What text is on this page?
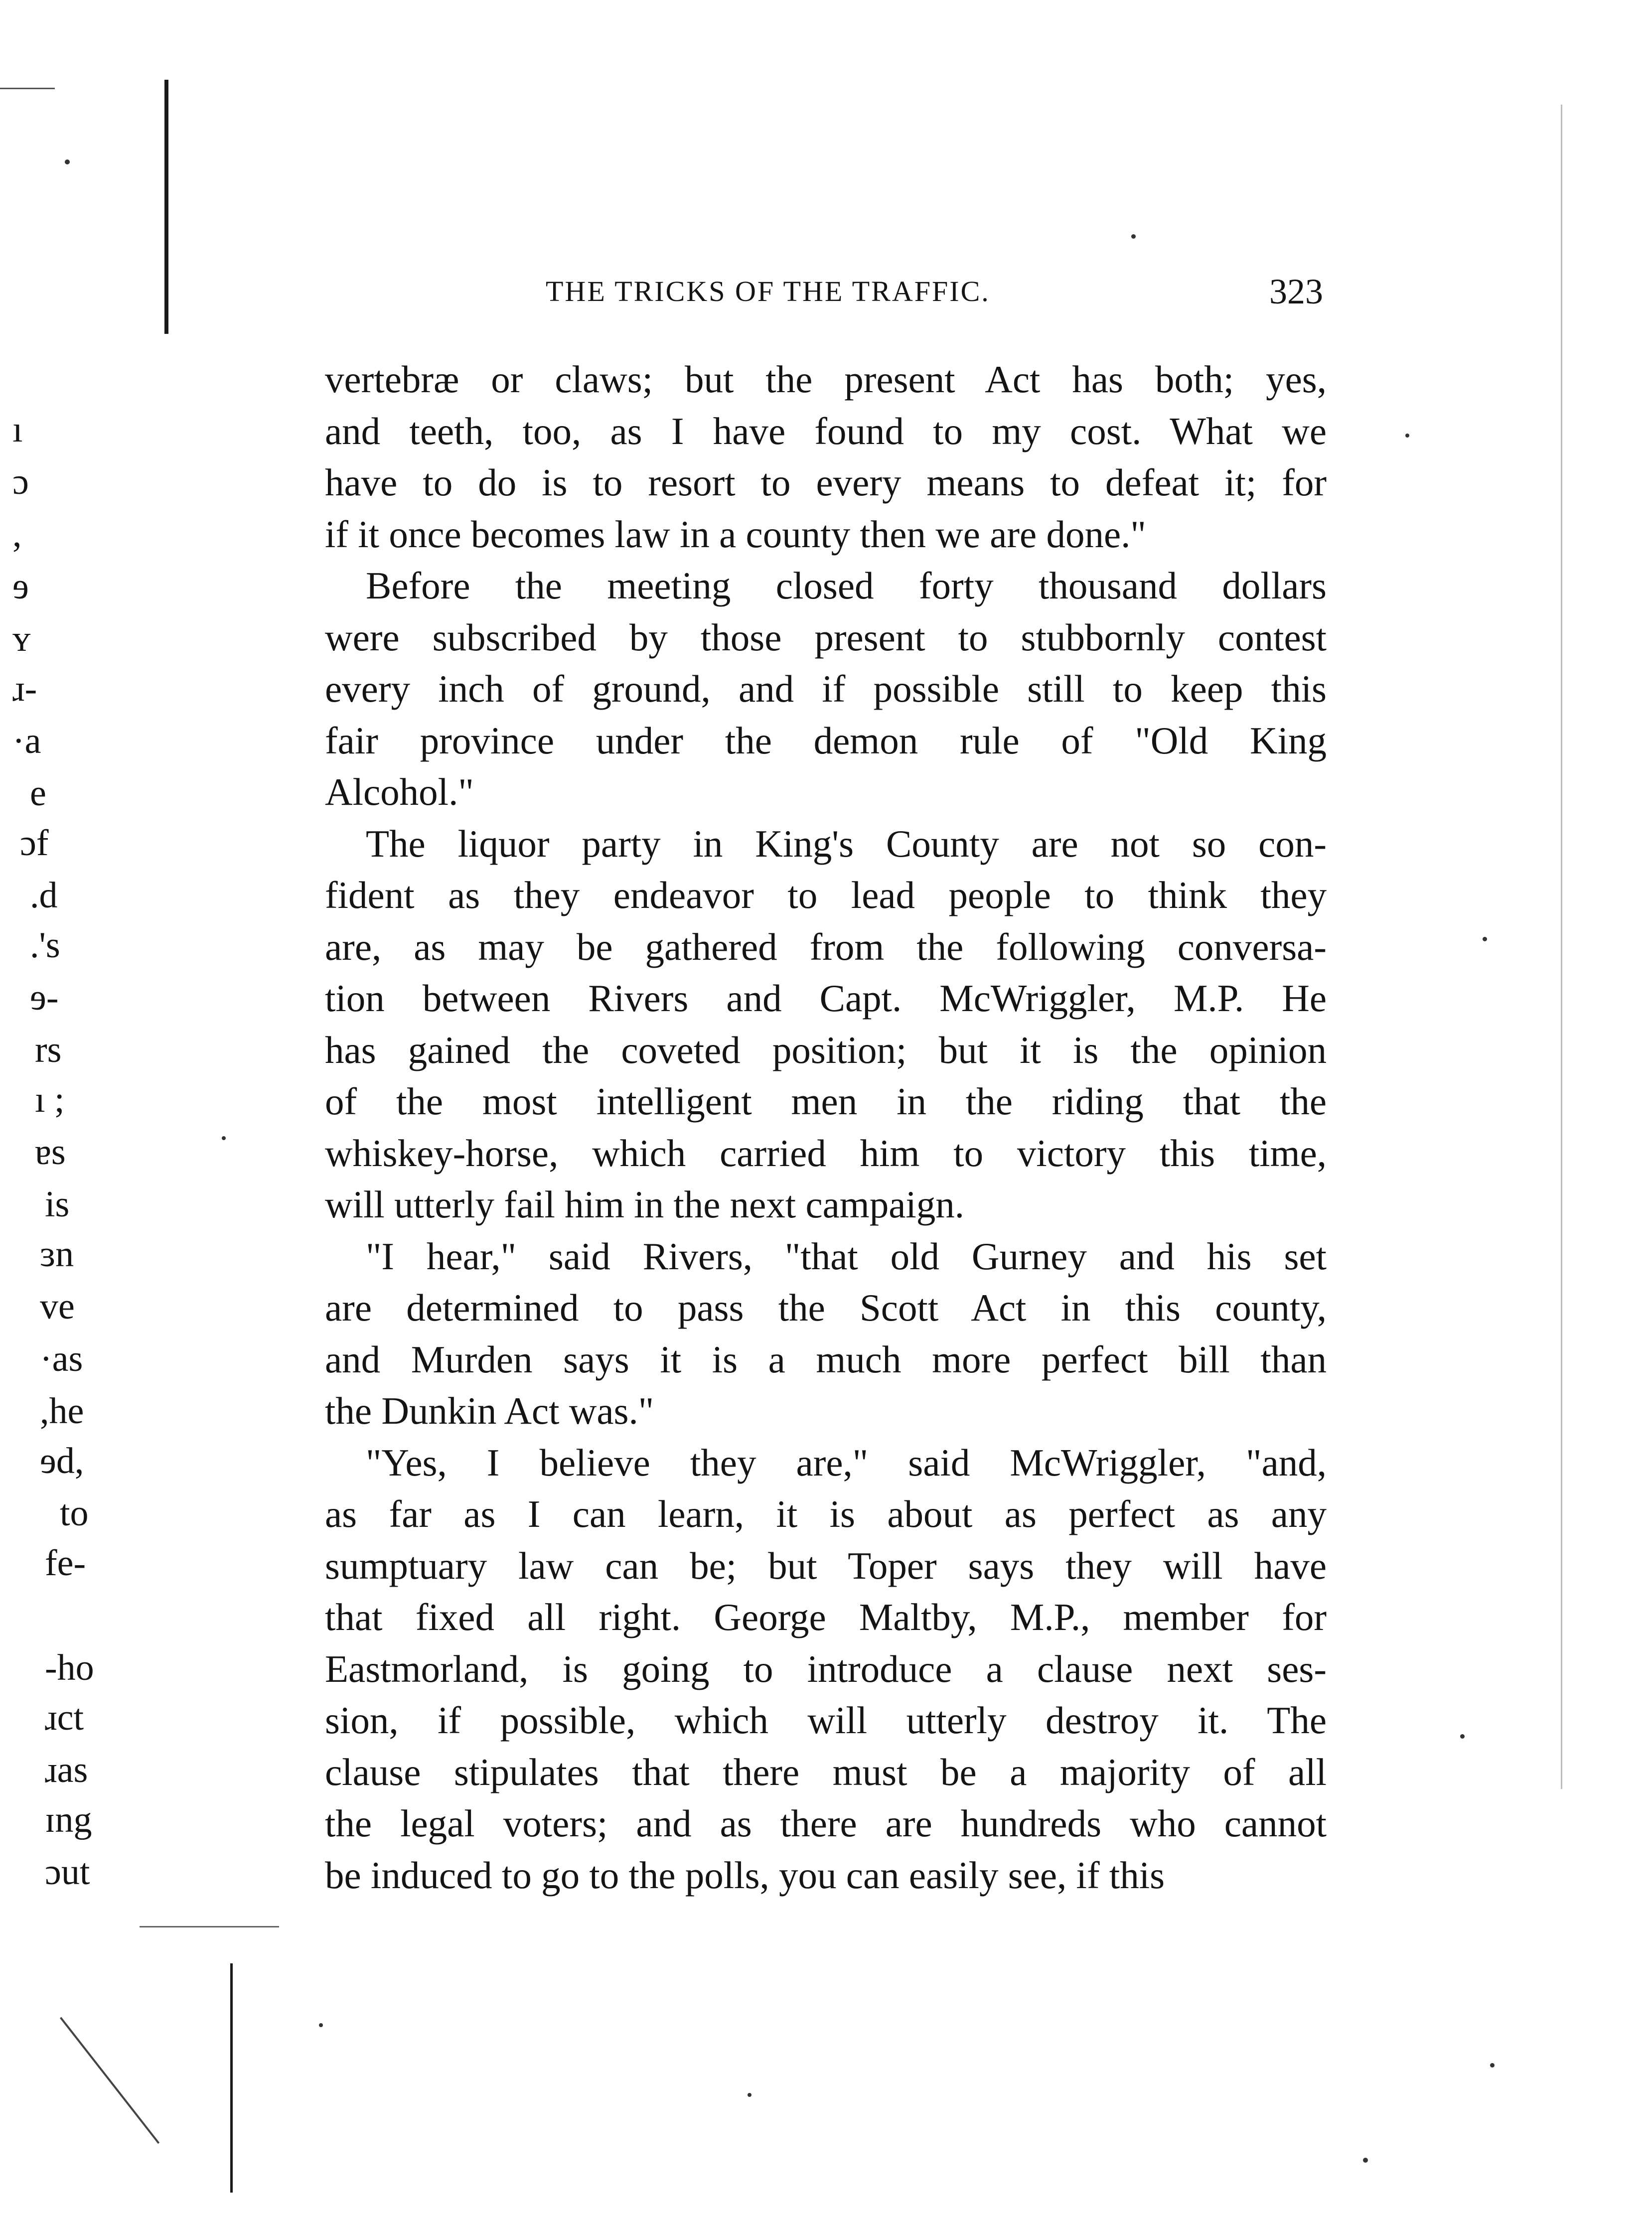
ı
ɔ
,
ɘ
ʏ
ɹ-
·a
e
ɔf
.d
.'s
ɘ-
rs
ı ;
ɐs
is
ɜn
ve
·as
,he
ɘd,
to
fe-
-ho
ɹct
ɹas
ɪng
ɔut
THE TRICKS OF THE TRAFFIC.	323

vertebræ or claws; but the present Act has both; yes,
and teeth, too, as I have found to my cost. What we
have to do is to resort to every means to defeat it; for
if it once becomes law in a county then we are done."

Before the meeting closed forty thousand dollars
were subscribed by those present to stubbornly contest
every inch of ground, and if possible still to keep this
fair province under the demon rule of "Old King
Alcohol."

The liquor party in King's County are not so con-
fident as they endeavor to lead people to think they
are, as may be gathered from the following conversa-
tion between Rivers and Capt. McWriggler, M.P. He
has gained the coveted position; but it is the opinion
of the most intelligent men in the riding that the
whiskey-horse, which carried him to victory this time,
will utterly fail him in the next campaign.

"I hear," said Rivers, "that old Gurney and his set
are determined to pass the Scott Act in this county,
and Murden says it is a much more perfect bill than
the Dunkin Act was."

"Yes, I believe they are," said McWriggler, "and,
as far as I can learn, it is about as perfect as any
sumptuary law can be; but Toper says they will have
that fixed all right. George Maltby, M.P., member for
Eastmorland, is going to introduce a clause next ses-
sion, if possible, which will utterly destroy it. The
clause stipulates that there must be a majority of all
the legal voters; and as there are hundreds who cannot
be induced to go to the polls, you can easily see, if this
